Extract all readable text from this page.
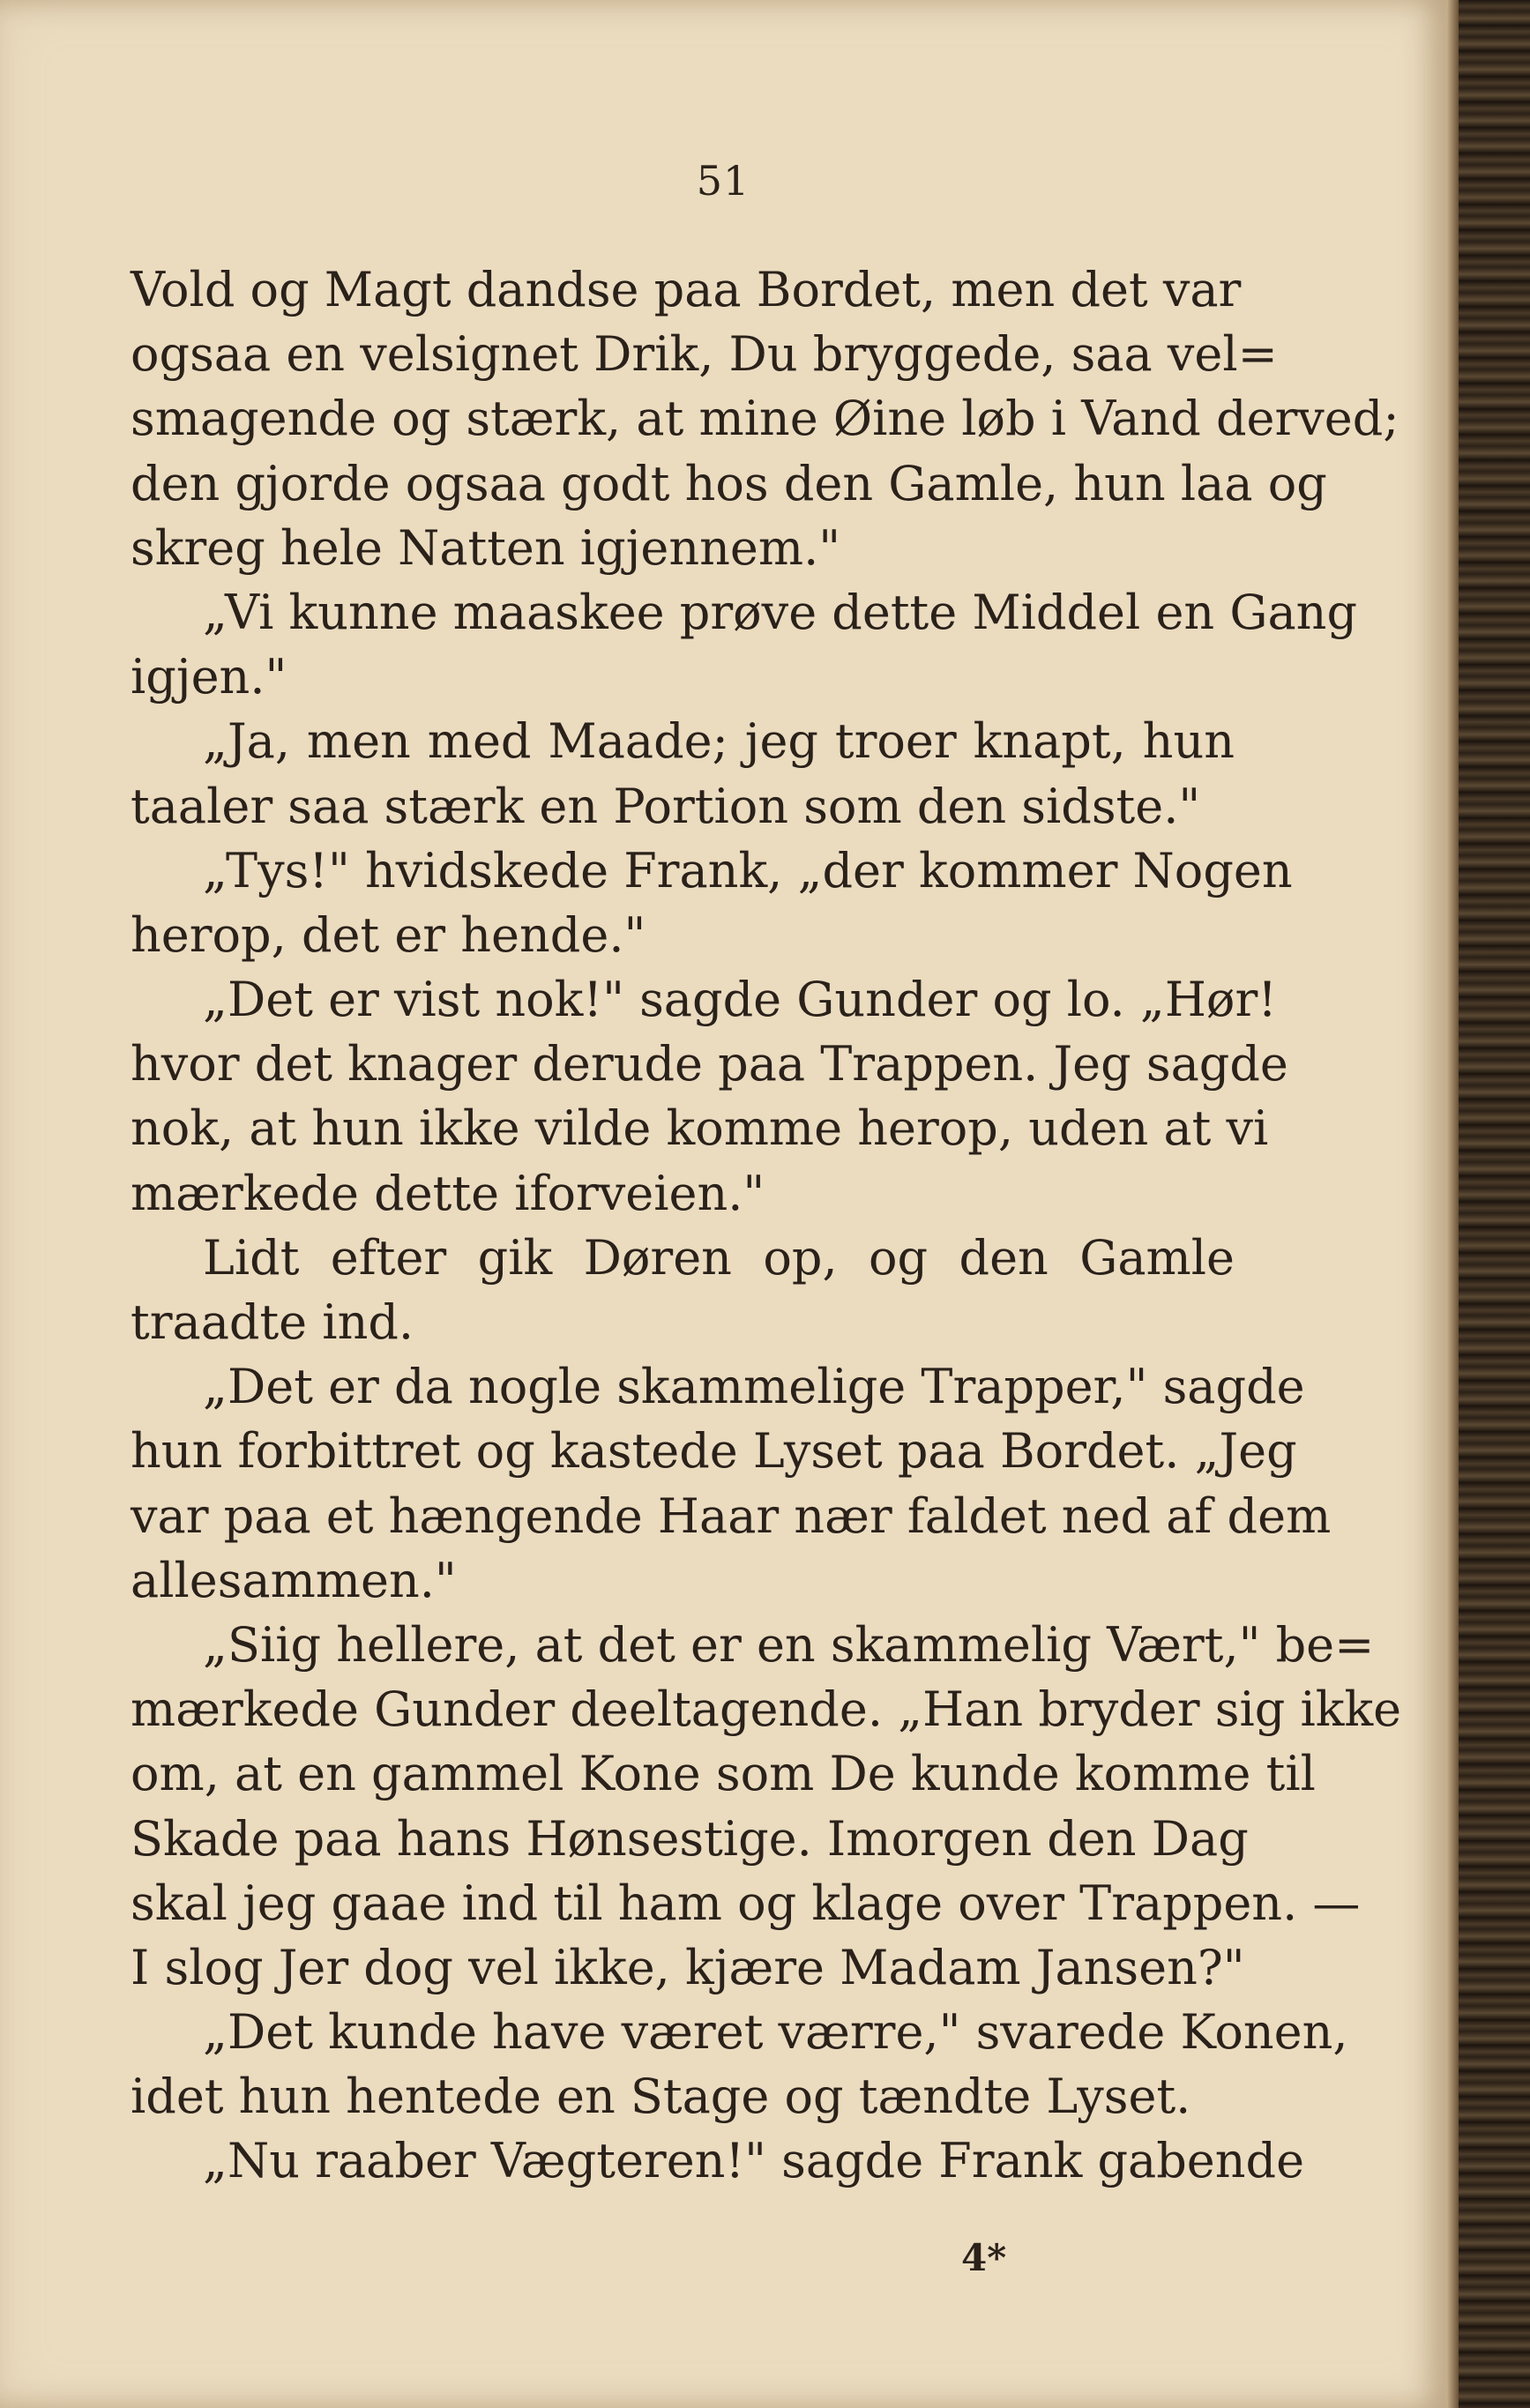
51
Vold og Magt dandse paa Bordet, men det var
ogsaa en velsignet Drik, Du bryggede, saa vel=
smagende og stærk, at mine Øine løb i Vand derved;
den gjorde ogsaa godt hos den Gamle, hun laa og
skreg hele Natten igjennem."
„Vi kunne maaskee prøve dette Middel en Gang
igjen."
„Ja, men med Maade; jeg troer knapt, hun
taaler saa stærk en Portion som den sidste."
„Tys!" hvidskede Frank, „der kommer Nogen
herop, det er hende."
„Det er vist nok!" sagde Gunder og lo. „Hør!
hvor det knager derude paa Trappen. Jeg sagde
nok, at hun ikke vilde komme herop, uden at vi
mærkede dette iforveien."
Lidt efter gik Døren op, og den Gamle
traadte ind.
„Det er da nogle skammelige Trapper," sagde
hun forbittret og kastede Lyset paa Bordet. „Jeg
var paa et hængende Haar nær faldet ned af dem
allesammen."
„Siig hellere, at det er en skammelig Vært," be=
mærkede Gunder deeltagende. „Han bryder sig ikke
om, at en gammel Kone som De kunde komme til
Skade paa hans Hønsestige. Imorgen den Dag
skal jeg gaae ind til ham og klage over Trappen. —
I slog Jer dog vel ikke, kjære Madam Jansen?"
„Det kunde have været værre," svarede Konen,
idet hun hentede en Stage og tændte Lyset.
„Nu raaber Vægteren!" sagde Frank gabende
4*
